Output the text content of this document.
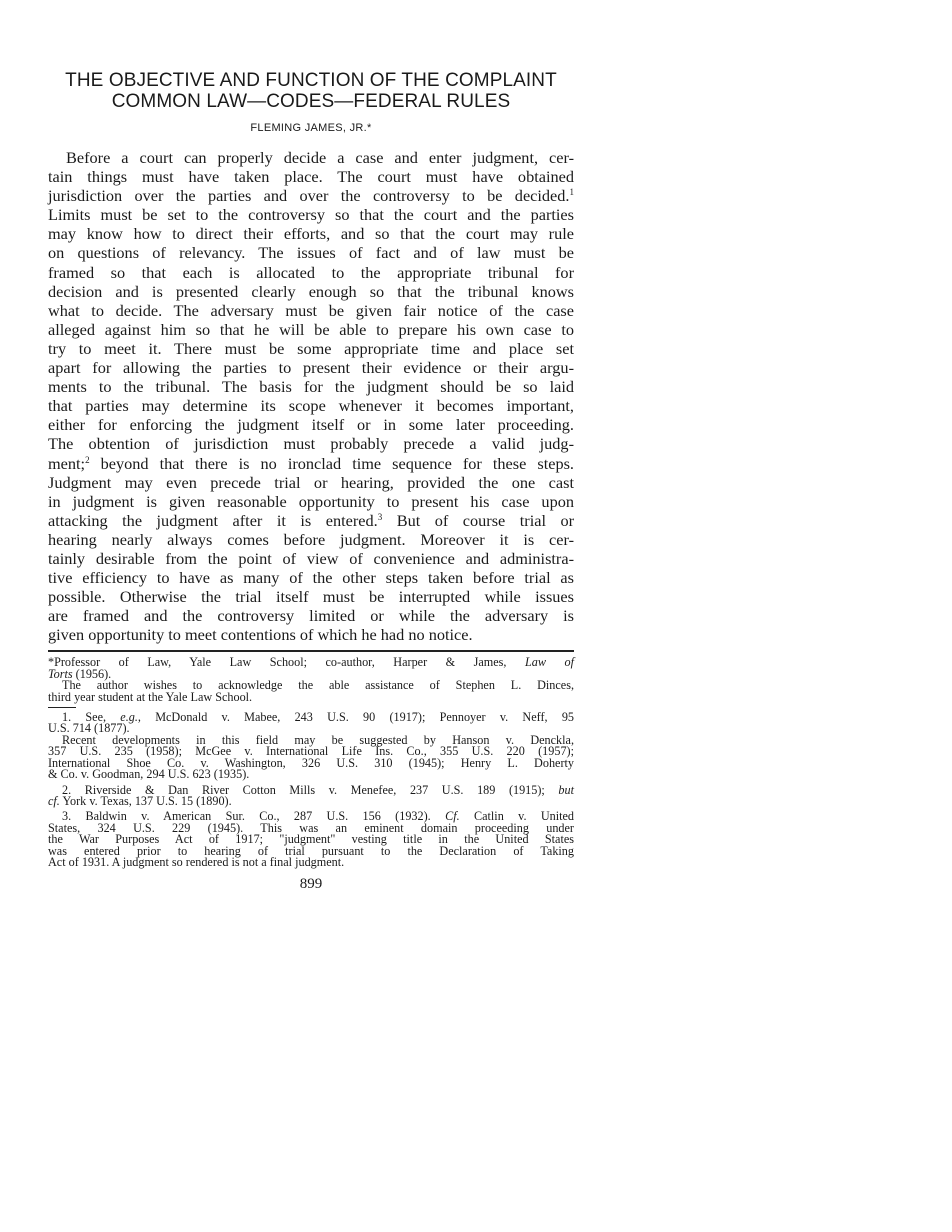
THE OBJECTIVE AND FUNCTION OF THE COMPLAINT
COMMON LAW—CODES—FEDERAL RULES
FLEMING JAMES, JR.*
Before a court can properly decide a case and enter judgment, cer-
tain things must have taken place. The court must have obtained
jurisdiction over the parties and over the controversy to be decided.$^1$
Limits must be set to the controversy so that the court and the parties
may know how to direct their efforts, and so that the court may rule
on questions of relevancy. The issues of fact and of law must be
framed so that each is allocated to the appropriate tribunal for
decision and is presented clearly enough so that the tribunal knows
what to decide. The adversary must be given fair notice of the case
alleged against him so that he will be able to prepare his own case to
try to meet it. There must be some appropriate time and place set
apart for allowing the parties to present their evidence or their argu-
ments to the tribunal. The basis for the judgment should be so laid
that parties may determine its scope whenever it becomes important,
either for enforcing the judgment itself or in some later proceeding.
The obtention of jurisdiction must probably precede a valid judg-
ment;$^2$ beyond that there is no ironclad time sequence for these steps.
Judgment may even precede trial or hearing, provided the one cast
in judgment is given reasonable opportunity to present his case upon
attacking the judgment after it is entered.$^3$ But of course trial or
hearing nearly always comes before judgment. Moreover it is cer-
tainly desirable from the point of view of convenience and administra-
tive efficiency to have as many of the other steps taken before trial as
possible. Otherwise the trial itself must be interrupted while issues
are framed and the controversy limited or while the adversary is
given opportunity to meet contentions of which he had no notice.
*Professor of Law, Yale Law School; co-author, Harper & James, Law of
Torts (1956).
The author wishes to acknowledge the able assistance of Stephen L. Dinces,
third year student at the Yale Law School.
1. See, e.g., McDonald v. Mabee, 243 U.S. 90 (1917); Pennoyer v. Neff, 95
U.S. 714 (1877).
Recent developments in this field may be suggested by Hanson v. Denckla,
357 U.S. 235 (1958); McGee v. International Life Ins. Co., 355 U.S. 220 (1957);
International Shoe Co. v. Washington, 326 U.S. 310 (1945); Henry L. Doherty
& Co. v. Goodman, 294 U.S. 623 (1935).
2. Riverside & Dan River Cotton Mills v. Menefee, 237 U.S. 189 (1915); but
cf. York v. Texas, 137 U.S. 15 (1890).
3. Baldwin v. American Sur. Co., 287 U.S. 156 (1932). Cf. Catlin v. United
States, 324 U.S. 229 (1945). This was an eminent domain proceeding under
the War Purposes Act of 1917; "judgment" vesting title in the United States
was entered prior to hearing of trial pursuant to the Declaration of Taking
Act of 1931. A judgment so rendered is not a final judgment.
899
